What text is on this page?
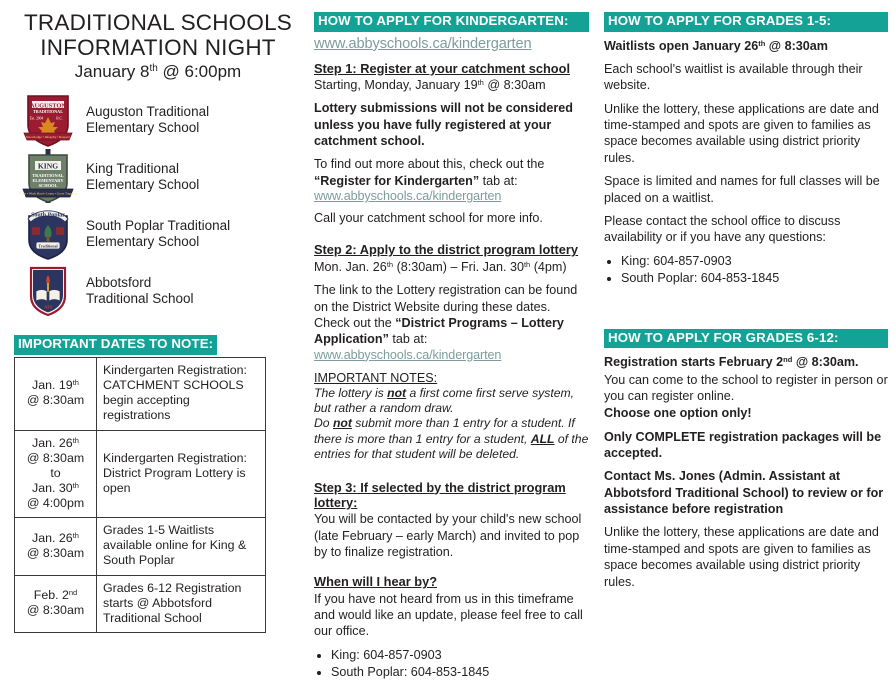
TRADITIONAL SCHOOLS
INFORMATION NIGHT
January 8th @ 6:00pm
AUGUSTON
TRADITIONAL
Est. 2004	B.C.
Knowledge • Integrity • Respect
Auguston Traditional
Elementary School
KING
TRADITIONAL
ELEMENTARY
SCHOOL
Faith • Work Hard • Learn • Grow Together
King Traditional
Elementary School
South Poplar
Traditional
South Poplar Traditional
Elementary School
ATS
Abbotsford
Traditional School
IMPORTANT DATES TO NOTE:
Jan. 19th
@ 8:30am	Kindergarten Registration: CATCHMENT SCHOOLS begin accepting registrations

Jan. 26th
@ 8:30am
to
Jan. 30th
@ 4:00pm	Kindergarten Registration: District Program Lottery is open

Jan. 26th
@ 8:30am	Grades 1-5 Waitlists available online for King & South Poplar

Feb. 2nd
@ 8:30am	Grades 6-12 Registration starts @ Abbotsford Traditional School
HOW TO APPLY FOR KINDERGARTEN:
www.abbyschools.ca/kindergarten
Step 1: Register at your catchment school
Starting, Monday, January 19th @ 8:30am
Lottery submissions will not be considered unless you have fully registered at your catchment school.
To find out more about this, check out the “Register for Kindergarten” tab at:
www.abbyschools.ca/kindergarten
Call your catchment school for more info.
Step 2: Apply to the district program lottery
Mon. Jan. 26th (8:30am) – Fri. Jan. 30th (4pm)
The link to the Lottery registration can be found on the District Website during these dates. Check out the “District Programs – Lottery Application” tab at:
www.abbyschools.ca/kindergarten
IMPORTANT NOTES:
The lottery is not a first come first serve system, but rather a random draw.
Do not submit more than 1 entry for a student. If there is more than 1 entry for a student, ALL of the entries for that student will be deleted.
Step 3: If selected by the district program lottery:
You will be contacted by your child's new school (late February – early March) and invited to pop by to finalize registration.
When will I hear by?
If you have not heard from us in this timeframe and would like an update, please feel free to call our office.
• King: 604-857-0903
• South Poplar: 604-853-1845
HOW TO APPLY FOR GRADES 1-5:
Waitlists open January 26th @ 8:30am
Each school's waitlist is available through their website.
Unlike the lottery, these applications are date and time-stamped and spots are given to families as space becomes available using district priority rules.
Space is limited and names for full classes will be placed on a waitlist.
Please contact the school office to discuss availability or if you have any questions:
• King: 604-857-0903
• South Poplar: 604-853-1845
HOW TO APPLY FOR GRADES 6-12:
Registration starts February 2nd @ 8:30am.
You can come to the school to register in person or you can register online.
Choose one option only!
Only COMPLETE registration packages will be accepted.
Contact Ms. Jones (Admin. Assistant at Abbotsford Traditional School) to review or for assistance before registration
Unlike the lottery, these applications are date and time-stamped and spots are given to families as space becomes available using district priority rules.
